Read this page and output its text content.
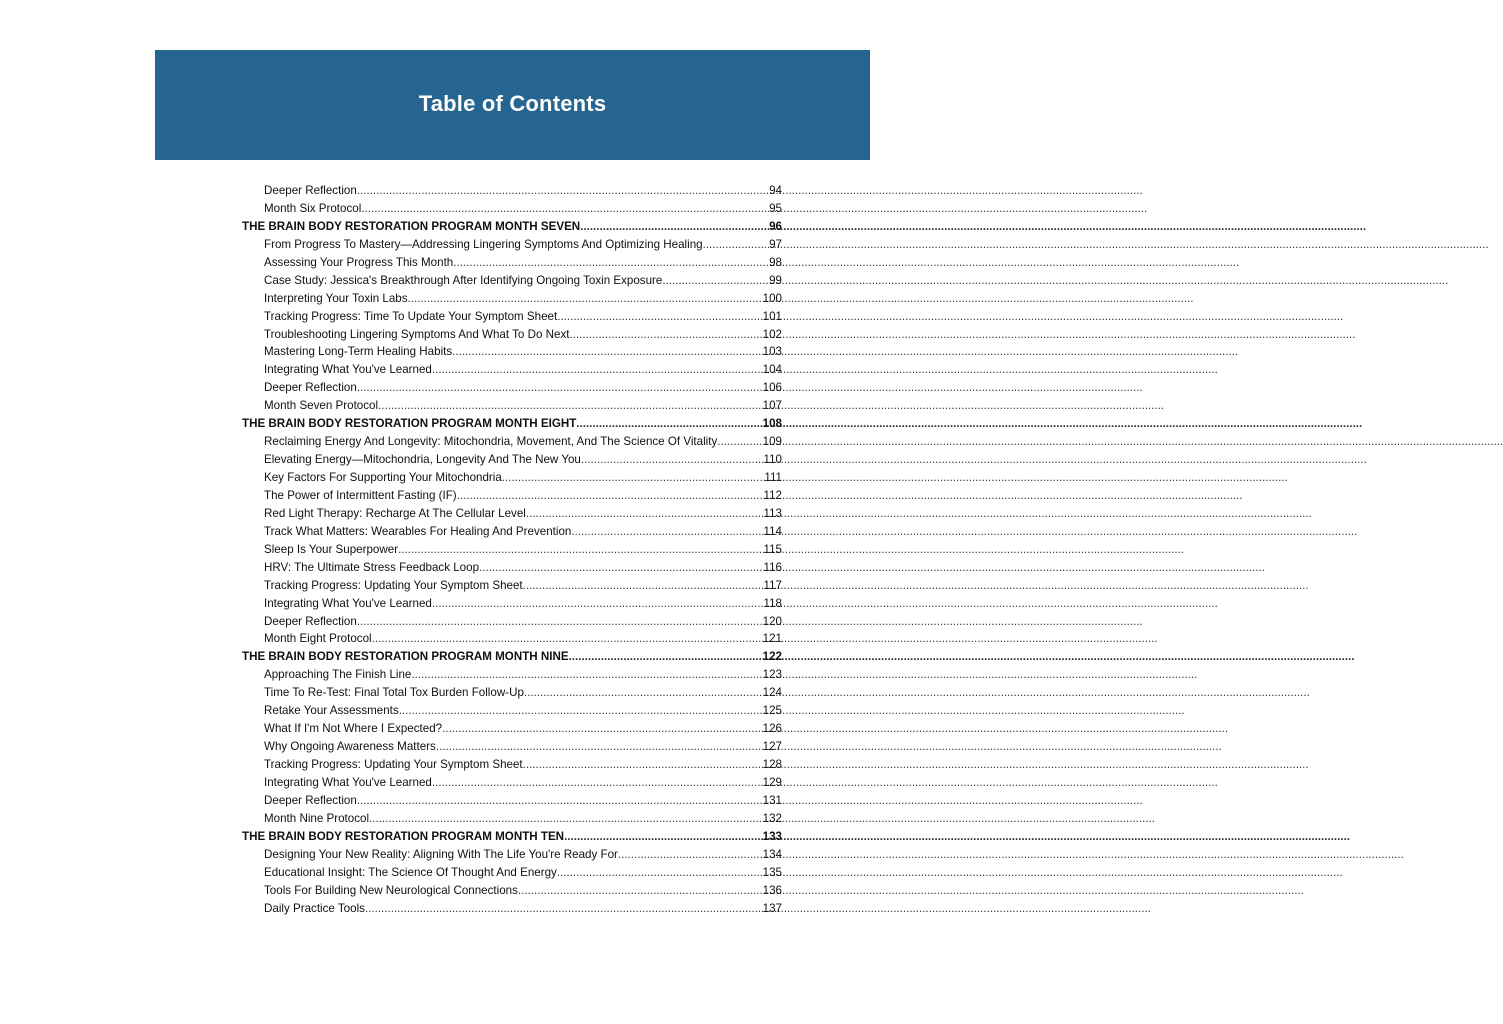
Table of Contents
Deeper Reflection .....	94
Month Six Protocol .....	95
THE BRAIN BODY RESTORATION PROGRAM MONTH SEVEN .....	96
From Progress To Mastery—Addressing Lingering Symptoms And Optimizing Healing .....	97
Assessing Your Progress This Month .....	98
Case Study: Jessica's Breakthrough After Identifying Ongoing Toxin Exposure .....	99
Interpreting Your Toxin Labs .....	100
Tracking Progress: Time To Update Your Symptom Sheet .....	101
Troubleshooting Lingering Symptoms And What To Do Next .....	102
Mastering Long-Term Healing Habits .....	103
Integrating What You've Learned .....	104
Deeper Reflection .....	106
Month Seven Protocol .....	107
THE BRAIN BODY RESTORATION PROGRAM MONTH EIGHT .....	108
Reclaiming Energy And Longevity: Mitochondria, Movement, And The Science Of Vitality .....	109
Elevating Energy—Mitochondria, Longevity And The New You .....	110
Key Factors For Supporting Your Mitochondria .....	111
The Power of Intermittent Fasting (IF) .....	112
Red Light Therapy: Recharge At The Cellular Level .....	113
Track What Matters: Wearables For Healing And Prevention .....	114
Sleep Is Your Superpower .....	115
HRV: The Ultimate Stress Feedback Loop .....	116
Tracking Progress: Updating Your Symptom Sheet .....	117
Integrating What You've Learned .....	118
Deeper Reflection .....	120
Month Eight Protocol .....	121
THE BRAIN BODY RESTORATION PROGRAM MONTH NINE .....	122
Approaching The Finish Line .....	123
Time To Re-Test: Final Total Tox Burden Follow-Up .....	124
Retake Your Assessments .....	125
What If I'm Not Where I Expected? .....	126
Why Ongoing Awareness Matters .....	127
Tracking Progress: Updating Your Symptom Sheet .....	128
Integrating What You've Learned .....	129
Deeper Reflection .....	131
Month Nine Protocol .....	132
THE BRAIN BODY RESTORATION PROGRAM MONTH TEN .....	133
Designing Your New Reality: Aligning With The Life You're Ready For .....	134
Educational Insight: The Science Of Thought And Energy .....	135
Tools For Building New Neurological Connections .....	136
Daily Practice Tools .....	137
